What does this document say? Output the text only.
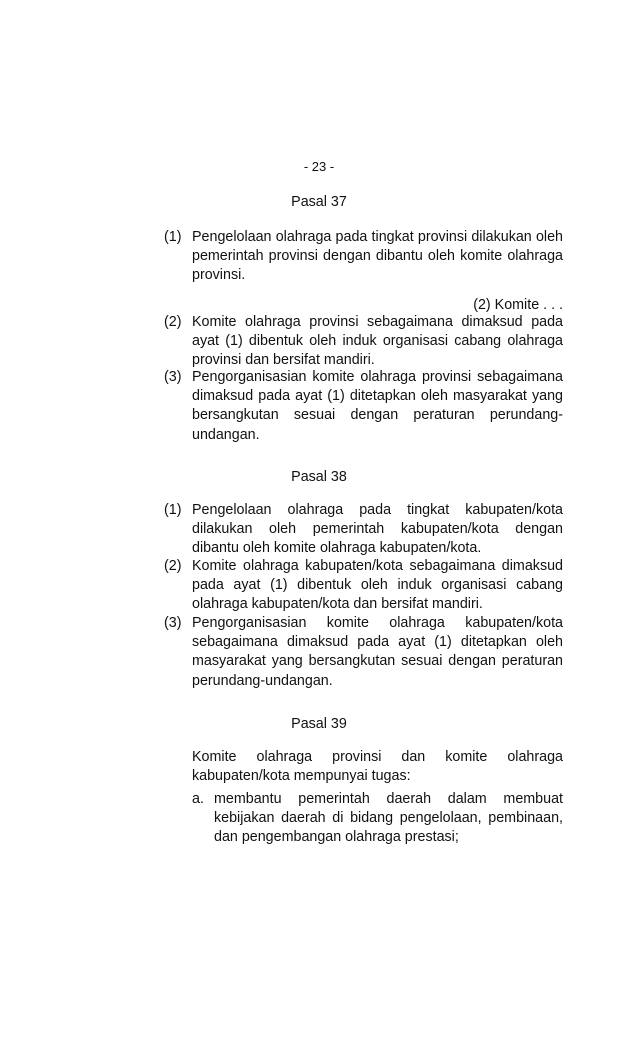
- 23 -
Pasal 37
(1) Pengelolaan olahraga pada tingkat provinsi dilakukan oleh pemerintah provinsi dengan dibantu oleh komite olahraga provinsi.
(2) Komite . . .
(2) Komite olahraga provinsi sebagaimana dimaksud pada ayat (1) dibentuk oleh induk organisasi cabang olahraga provinsi dan bersifat mandiri.
(3) Pengorganisasian komite olahraga provinsi sebagaimana dimaksud pada ayat (1) ditetapkan oleh masyarakat yang bersangkutan sesuai dengan peraturan perundang-undangan.
Pasal 38
(1) Pengelolaan olahraga pada tingkat kabupaten/kota dilakukan oleh pemerintah kabupaten/kota dengan dibantu oleh komite olahraga kabupaten/kota.
(2) Komite olahraga kabupaten/kota sebagaimana dimaksud pada ayat (1) dibentuk oleh induk organisasi cabang olahraga kabupaten/kota dan bersifat mandiri.
(3) Pengorganisasian komite olahraga kabupaten/kota sebagaimana dimaksud pada ayat (1) ditetapkan oleh masyarakat yang bersangkutan sesuai dengan peraturan perundang-undangan.
Pasal 39
Komite olahraga provinsi dan komite olahraga kabupaten/kota mempunyai tugas:
a. membantu pemerintah daerah dalam membuat kebijakan daerah di bidang pengelolaan, pembinaan, dan pengembangan olahraga prestasi;
